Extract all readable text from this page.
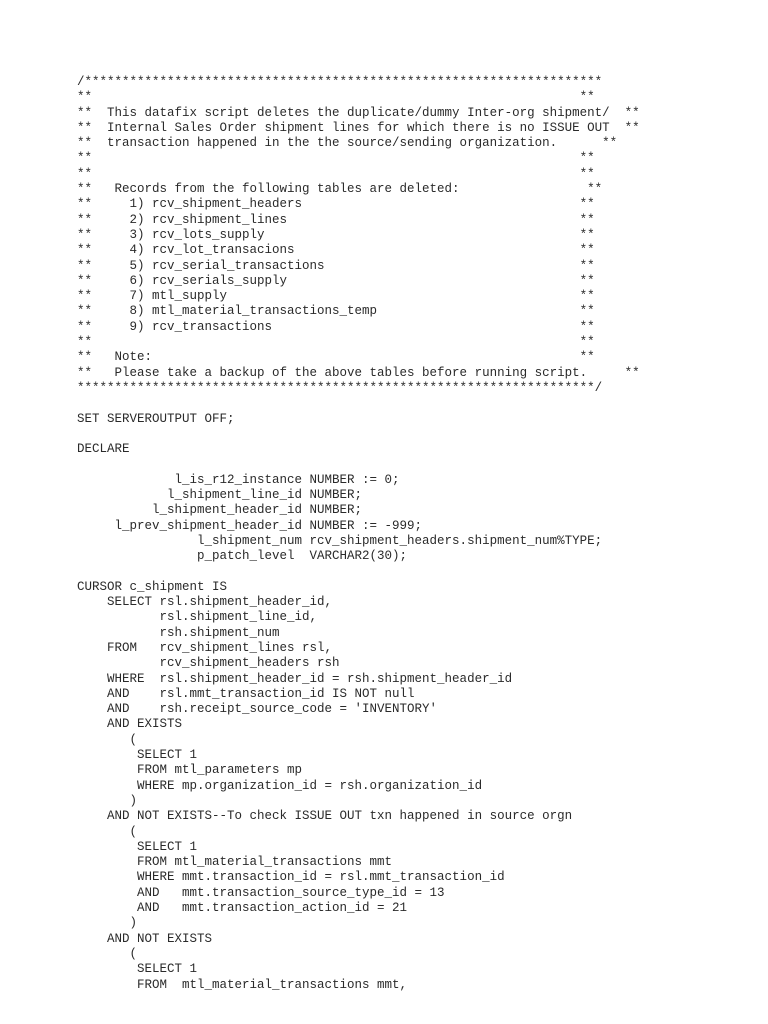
/*********************************************************************
**                                                                 **
**  This datafix script deletes the duplicate/dummy Inter-org shipment/  **
**  Internal Sales Order shipment lines for which there is no ISSUE OUT  **
**  transaction happened in the the source/sending organization.      **
**                                                                 **
**                                                                 **
**   Records from the following tables are deleted:                 **
**     1) rcv_shipment_headers                                     **
**     2) rcv_shipment_lines                                       **
**     3) rcv_lots_supply                                          **
**     4) rcv_lot_transacions                                      **
**     5) rcv_serial_transactions                                  **
**     6) rcv_serials_supply                                       **
**     7) mtl_supply                                               **
**     8) mtl_material_transactions_temp                           **
**     9) rcv_transactions                                         **
**                                                                 **
**   Note:                                                         **
**   Please take a backup of the above tables before running script.     **
*********************************************************************/
SET SERVEROUTPUT OFF;
DECLARE
l_is_r12_instance NUMBER := 0;
l_shipment_line_id NUMBER;
l_shipment_header_id NUMBER;
l_prev_shipment_header_id NUMBER := -999;
l_shipment_num rcv_shipment_headers.shipment_num%TYPE;
p_patch_level  VARCHAR2(30);
CURSOR c_shipment IS
SELECT rsl.shipment_header_id,
rsl.shipment_line_id,
rsh.shipment_num
FROM   rcv_shipment_lines rsl,
rcv_shipment_headers rsh
WHERE  rsl.shipment_header_id = rsh.shipment_header_id
AND    rsl.mmt_transaction_id IS NOT null
AND    rsh.receipt_source_code = 'INVENTORY'
AND EXISTS
(
SELECT 1
FROM mtl_parameters mp
WHERE mp.organization_id = rsh.organization_id
)
AND NOT EXISTS--To check ISSUE OUT txn happened in source orgn
(
SELECT 1
FROM mtl_material_transactions mmt
WHERE mmt.transaction_id = rsl.mmt_transaction_id
AND   mmt.transaction_source_type_id = 13
AND   mmt.transaction_action_id = 21
)
AND NOT EXISTS
(
SELECT 1
FROM  mtl_material_transactions mmt,
